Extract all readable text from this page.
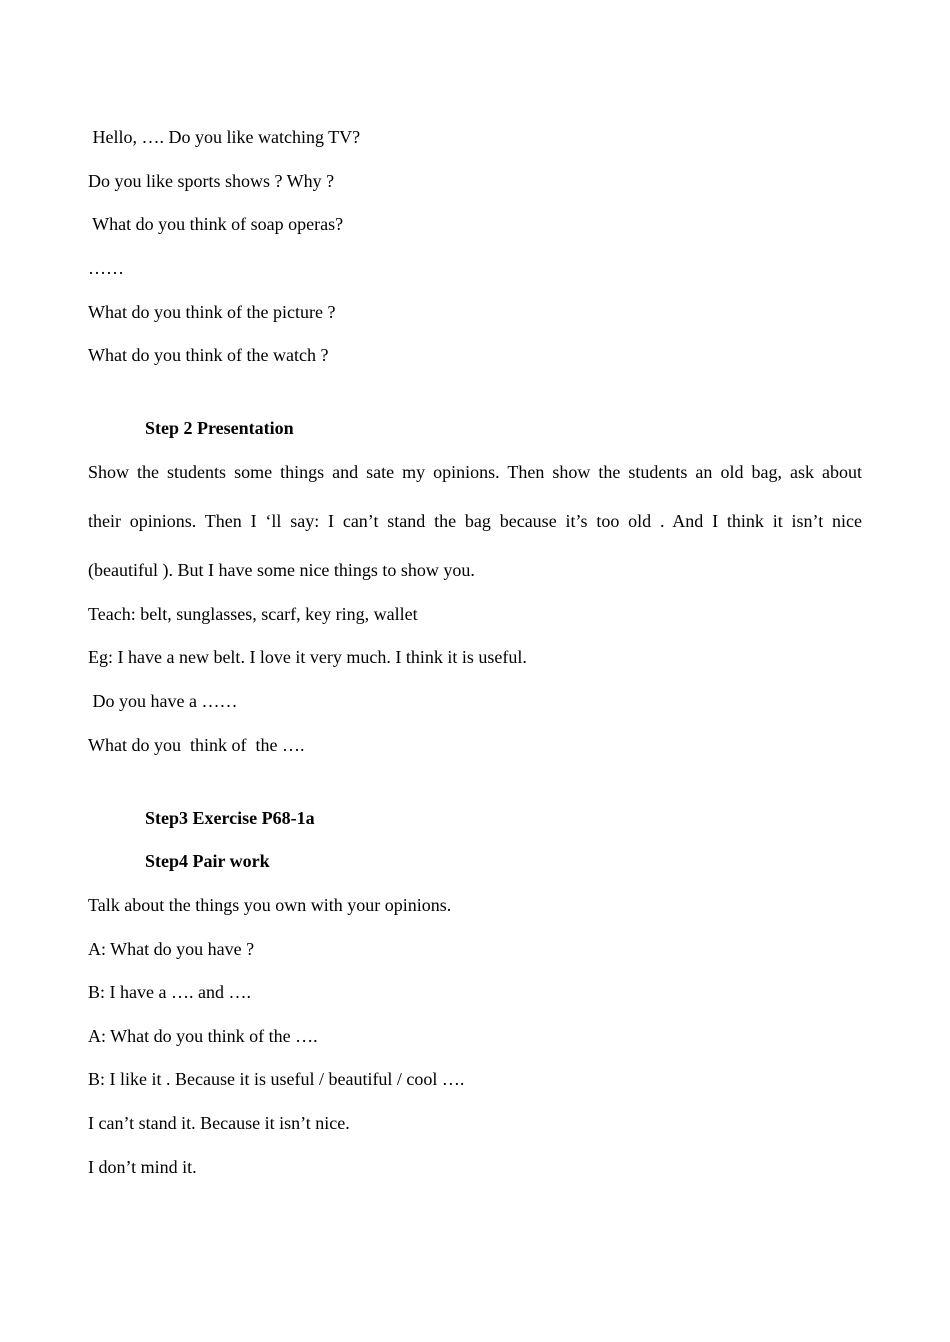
Hello, …. Do you like watching TV?
Do you like sports shows ? Why ?
What do you think of soap operas?
……
What do you think of the picture ?
What do you think of the watch ?
Step 2 Presentation
Show the students some things and sate my opinions. Then show the students an old bag, ask about
their opinions. Then I ‘ll say: I can’t stand the bag because it’s too old . And I think it isn’t nice
(beautiful ). But I have some nice things to show you.
Teach: belt, sunglasses, scarf, key ring, wallet
Eg: I have a new belt. I love it very much. I think it is useful.
Do you have a ……
What do you  think of  the ….
Step3 Exercise P68-1a
Step4 Pair work
Talk about the things you own with your opinions.
A: What do you have ?
B: I have a …. and ….
A: What do you think of the ….
B: I like it . Because it is useful / beautiful / cool ….
I can’t stand it. Because it isn’t nice.
I don’t mind it.
